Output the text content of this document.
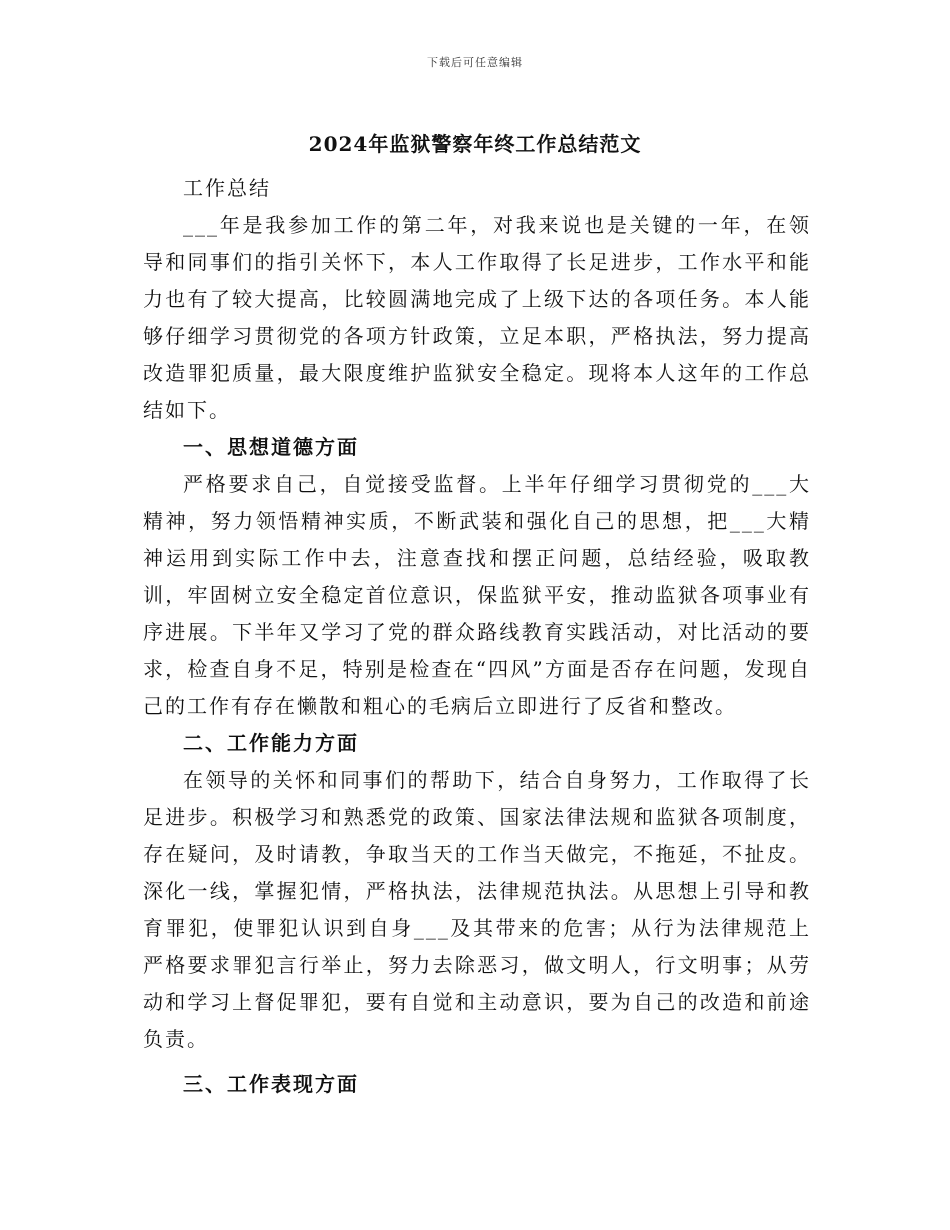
下载后可任意编辑
2024年监狱警察年终工作总结范文

工作总结

___年是我参加工作的第二年，对我来说也是关键的一年，在领导和同事们的指引关怀下，本人工作取得了长足进步，工作水平和能力也有了较大提高，比较圆满地完成了上级下达的各项任务。本人能够仔细学习贯彻党的各项方针政策，立足本职，严格执法，努力提高改造罪犯质量，最大限度维护监狱安全稳定。现将本人这年的工作总结如下。

一、思想道德方面

严格要求自己，自觉接受监督。上半年仔细学习贯彻党的___大精神，努力领悟精神实质，不断武装和强化自己的思想，把___大精神运用到实际工作中去，注意查找和摆正问题，总结经验，吸取教训，牢固树立安全稳定首位意识，保监狱平安，推动监狱各项事业有序进展。下半年又学习了党的群众路线教育实践活动，对比活动的要求，检查自身不足，特别是检查在“四风”方面是否存在问题，发现自己的工作有存在懒散和粗心的毛病后立即进行了反省和整改。

二、工作能力方面

在领导的关怀和同事们的帮助下，结合自身努力，工作取得了长足进步。积极学习和熟悉党的政策、国家法律法规和监狱各项制度，存在疑问，及时请教，争取当天的工作当天做完，不拖延，不扯皮。深化一线，掌握犯情，严格执法，法律规范执法。从思想上引导和教育罪犯，使罪犯认识到自身___及其带来的危害；从行为法律规范上严格要求罪犯言行举止，努力去除恶习，做文明人，行文明事；从劳动和学习上督促罪犯，要有自觉和主动意识，要为自己的改造和前途负责。

三、工作表现方面
